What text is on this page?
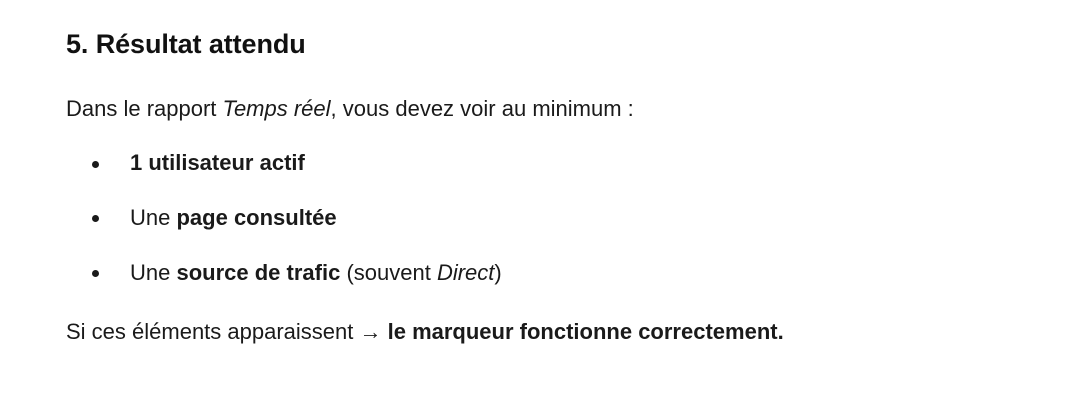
5. Résultat attendu

Dans le rapport Temps réel, vous devez voir au minimum :

1 utilisateur actif
Une page consultée
Une source de trafic (souvent Direct)

Si ces éléments apparaissent → le marqueur fonctionne correctement.
